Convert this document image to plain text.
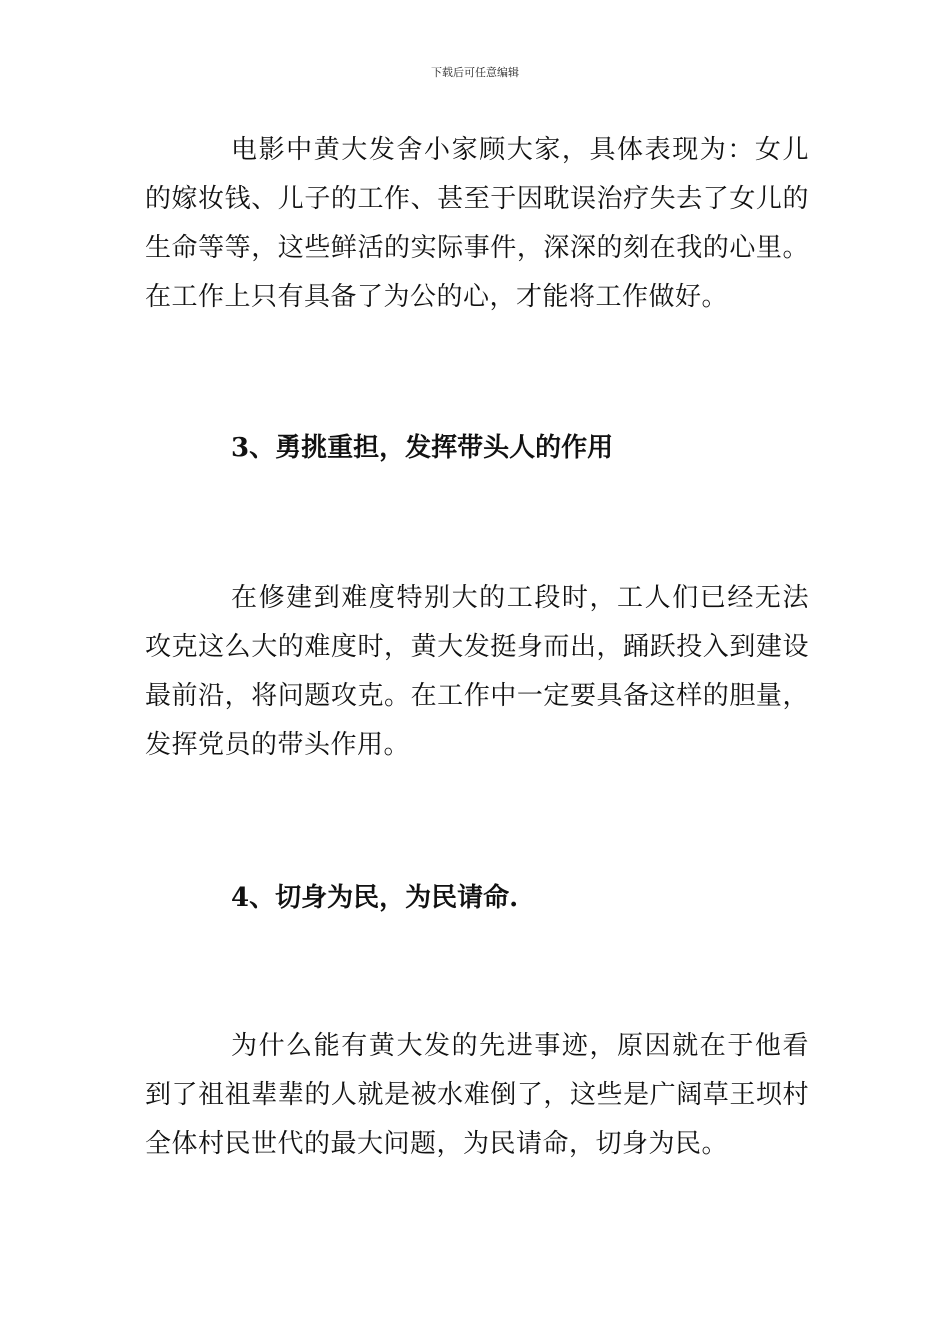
下载后可任意编辑

电影中黄大发舍小家顾大家，具体表现为：女儿的嫁妆钱、儿子的工作、甚至于因耽误治疗失去了女儿的生命等等，这些鲜活的实际事件，深深的刻在我的心里。在工作上只有具备了为公的心，才能将工作做好。

3、勇挑重担，发挥带头人的作用

在修建到难度特别大的工段时，工人们已经无法攻克这么大的难度时，黄大发挺身而出，踊跃投入到建设最前沿，将问题攻克。在工作中一定要具备这样的胆量，发挥党员的带头作用。

4、切身为民，为民请命.

为什么能有黄大发的先进事迹，原因就在于他看到了祖祖辈辈的人就是被水难倒了，这些是广阔草王坝村全体村民世代的最大问题，为民请命，切身为民。
